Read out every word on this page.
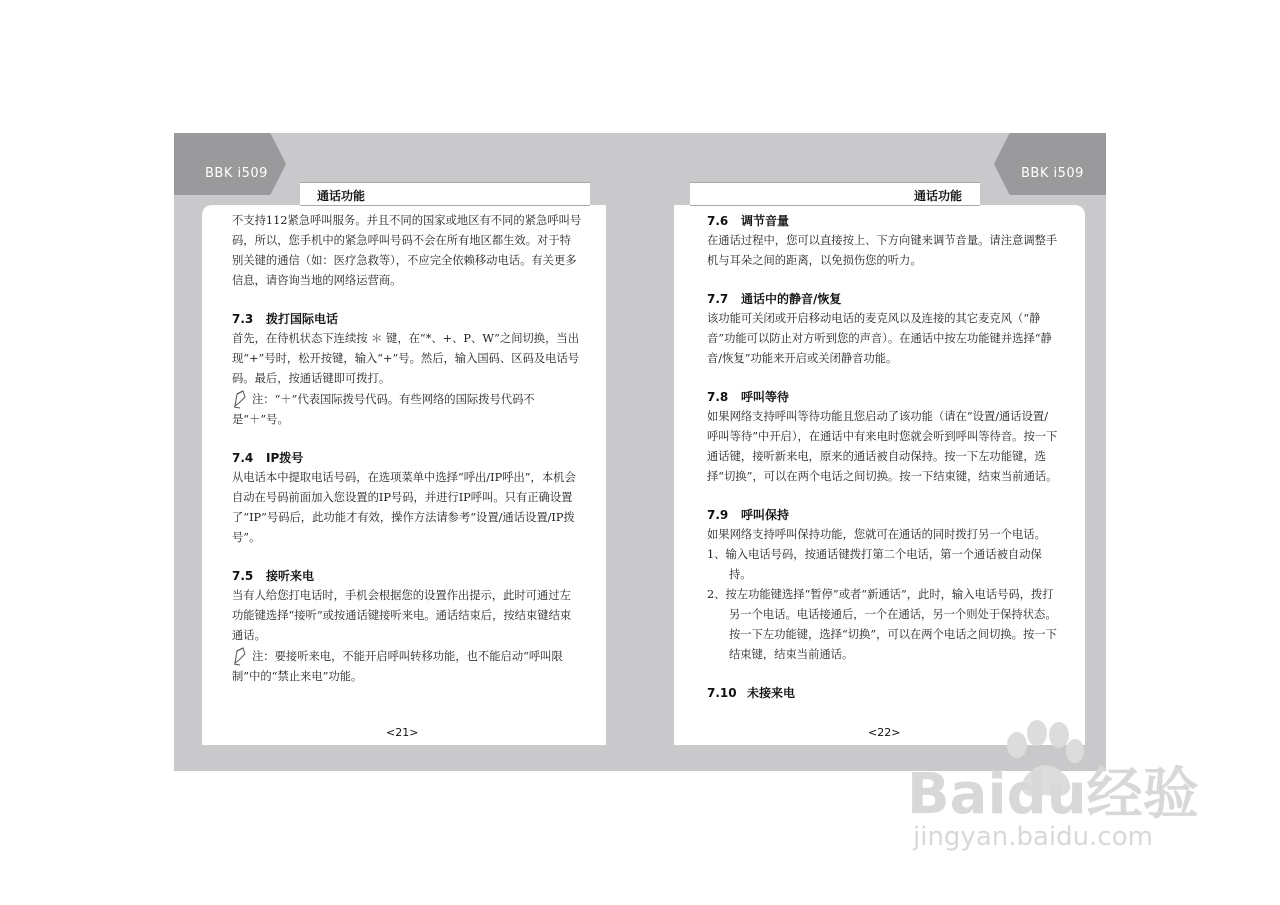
BBK i509	BBK i509
通话功能	通话功能

不支持112紧急呼叫服务。并且不同的国家或地区有不同的紧急呼叫号码，所以，您手机中的紧急呼叫号码不会在所有地区都生效。对于特别关键的通信（如：医疗急救等），不应完全依赖移动电话。有关更多信息，请咨询当地的网络运营商。

7.3 拨打国际电话

首先，在待机状态下连续按 ＊ 键，在“*、+、P、W”之间切换，当出现“+”号时，松开按键，输入“+”号。然后，输入国码、区码及电话号码。最后，按通话键即可拨打。

注：“＋”代表国际拨号代码。有些网络的国际拨号代码不是“＋”号。

7.4 IP拨号

从电话本中提取电话号码，在选项菜单中选择“呼出/IP呼出”，本机会自动在号码前面加入您设置的IP号码，并进行IP呼叫。只有正确设置了“IP”号码后，此功能才有效，操作方法请参考“设置/通话设置/IP拨号”。

7.5 接听来电

当有人给您打电话时，手机会根据您的设置作出提示，此时可通过左功能键选择“接听”或按通话键接听来电。通话结束后，按结束键结束通话。

注：要接听来电，不能开启呼叫转移功能，也不能启动“呼叫限制”中的“禁止来电”功能。

7.6 调节音量

在通话过程中，您可以直接按上、下方向键来调节音量。请注意调整手机与耳朵之间的距离，以免损伤您的听力。

7.7 通话中的静音/恢复

该功能可关闭或开启移动电话的麦克风以及连接的其它麦克风（“静音”功能可以防止对方听到您的声音）。在通话中按左功能键并选择“静音/恢复”功能来开启或关闭静音功能。

7.8 呼叫等待

如果网络支持呼叫等待功能且您启动了该功能（请在“设置/通话设置/呼叫等待”中开启），在通话中有来电时您就会听到呼叫等待音。按一下通话键，接听新来电，原来的通话被自动保持。按一下左功能键，选择“切换”，可以在两个电话之间切换。按一下结束键，结束当前通话。

7.9 呼叫保持

如果网络支持呼叫保持功能，您就可在通话的同时拨打另一个电话。

1、输入电话号码，按通话键拨打第二个电话，第一个通话被自动保持。

2、按左功能键选择“暂停”或者“新通话”，此时，输入电话号码，拨打另一个电话。电话接通后，一个在通话，另一个则处于保持状态。按一下左功能键，选择“切换”，可以在两个电话之间切换。按一下结束键，结束当前通话。

7.10 未接来电

<21>	<22>
Baidu经验
jingyan.baidu.com
